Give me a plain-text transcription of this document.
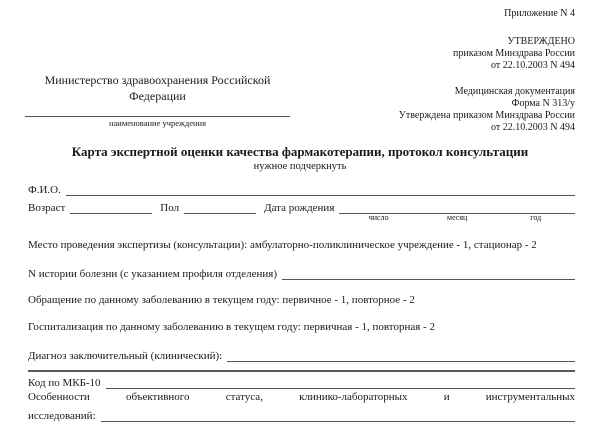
Приложение N 4
УТВЕРЖДЕНО
приказом Минздрава России
от 22.10.2003 N 494
Медицинская документация
Форма N 313/у
Утверждена приказом Минздрава России
от 22.10.2003 N 494
Министерство здравоохранения Российской Федерации
наименование учреждения
Карта экспертной оценки качества фармакотерапии, протокол консультации
нужное подчеркнуть
Ф.И.О.
Возраст	Пол	Дата рождения
число	месяц	год
Место проведения экспертизы (консультации): амбулаторно-поликлиническое учреждение - 1, стационар - 2
N истории болезни (с указанием профиля отделения)
Обращение по данному заболеванию в текущем году: первичное - 1, повторное - 2
Госпитализация по данному заболеванию в текущем году: первичная - 1, повторная - 2
Диагноз заключительный (клинический):
Код по МКБ-10
Особенности объективного статуса, клинико-лабораторных и инструментальных
исследований:
